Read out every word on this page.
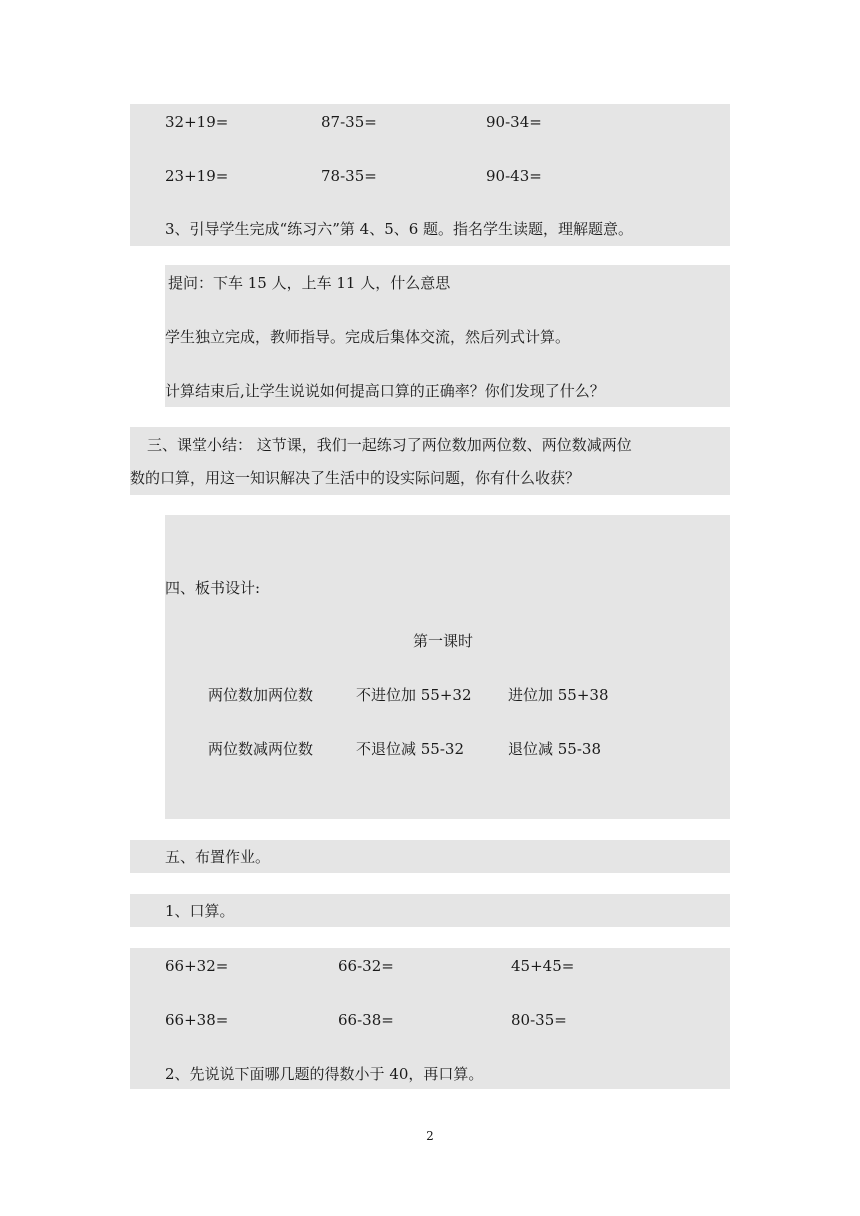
32+19=	87-35=	90-34=
23+19=	78-35=	90-43=
3、引导学生完成“练习六”第 4、5、6 题。指名学生读题，理解题意。
提问：下车 15 人，上车 11 人，什么意思
学生独立完成，教师指导。完成后集体交流，然后列式计算。
计算结束后,让学生说说如何提高口算的正确率？你们发现了什么？
三、课堂小结： 这节课，我们一起练习了两位数加两位数、两位数减两位
数的口算，用这一知识解决了生活中的设实际问题，你有什么收获？
四、板书设计:
第一课时
两位数加两位数	不进位加 55+32 进位加 55+38
两位数减两位数	不退位减 55-32	退位减 55-38
五、布置作业。
1、口算。
66+32=	66-32=	45+45=
66+38=	66-38=	80-35=
2、先说说下面哪几题的得数小于 40，再口算。
2
